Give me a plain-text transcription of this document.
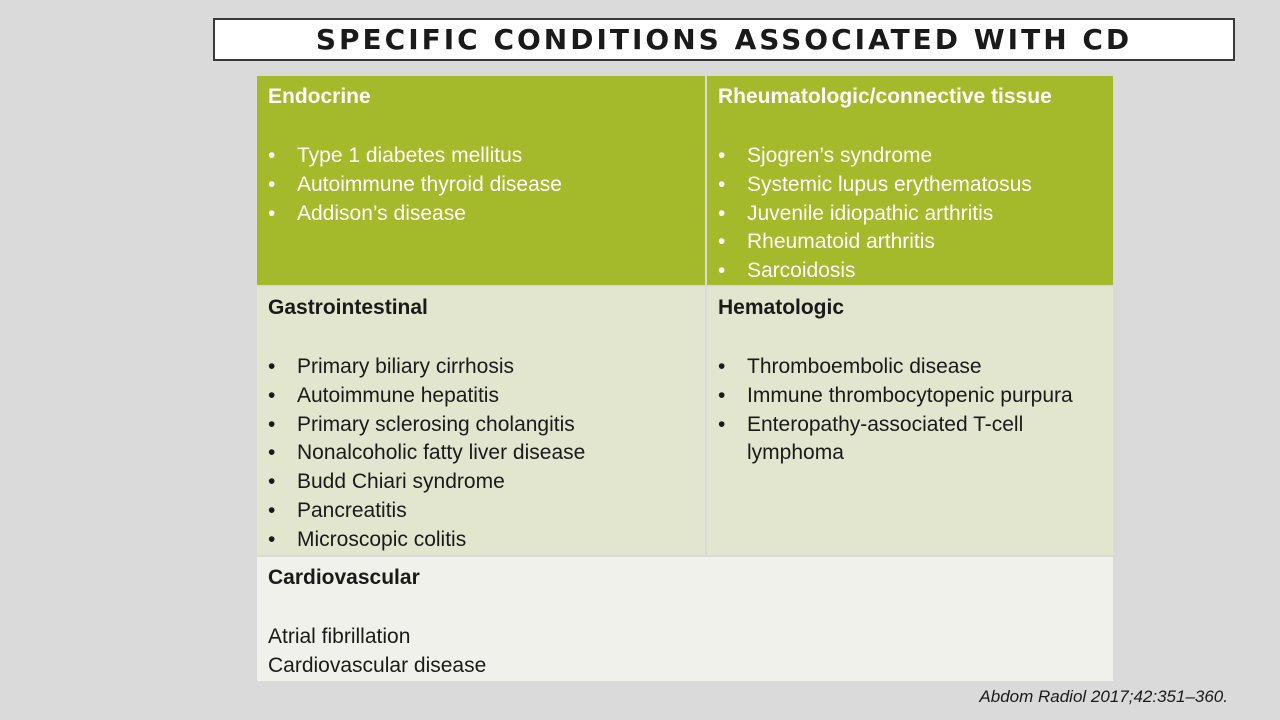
SPECIFIC CONDITIONS ASSOCIATED WITH CD
Endocrine
• Type 1 diabetes mellitus
• Autoimmune thyroid disease
• Addison’s disease
Rheumatologic/connective tissue
• Sjogren’s syndrome
• Systemic lupus erythematosus
• Juvenile idiopathic arthritis
• Rheumatoid arthritis
• Sarcoidosis
Gastrointestinal
• Primary biliary cirrhosis
• Autoimmune hepatitis
• Primary sclerosing cholangitis
• Nonalcoholic fatty liver disease
• Budd Chiari syndrome
• Pancreatitis
• Microscopic colitis
Hematologic
• Thromboembolic disease
• Immune thrombocytopenic purpura
• Enteropathy-associated T-cell lymphoma
Cardiovascular
Atrial fibrillation
Cardiovascular disease
Abdom Radiol 2017;42:351–360.
